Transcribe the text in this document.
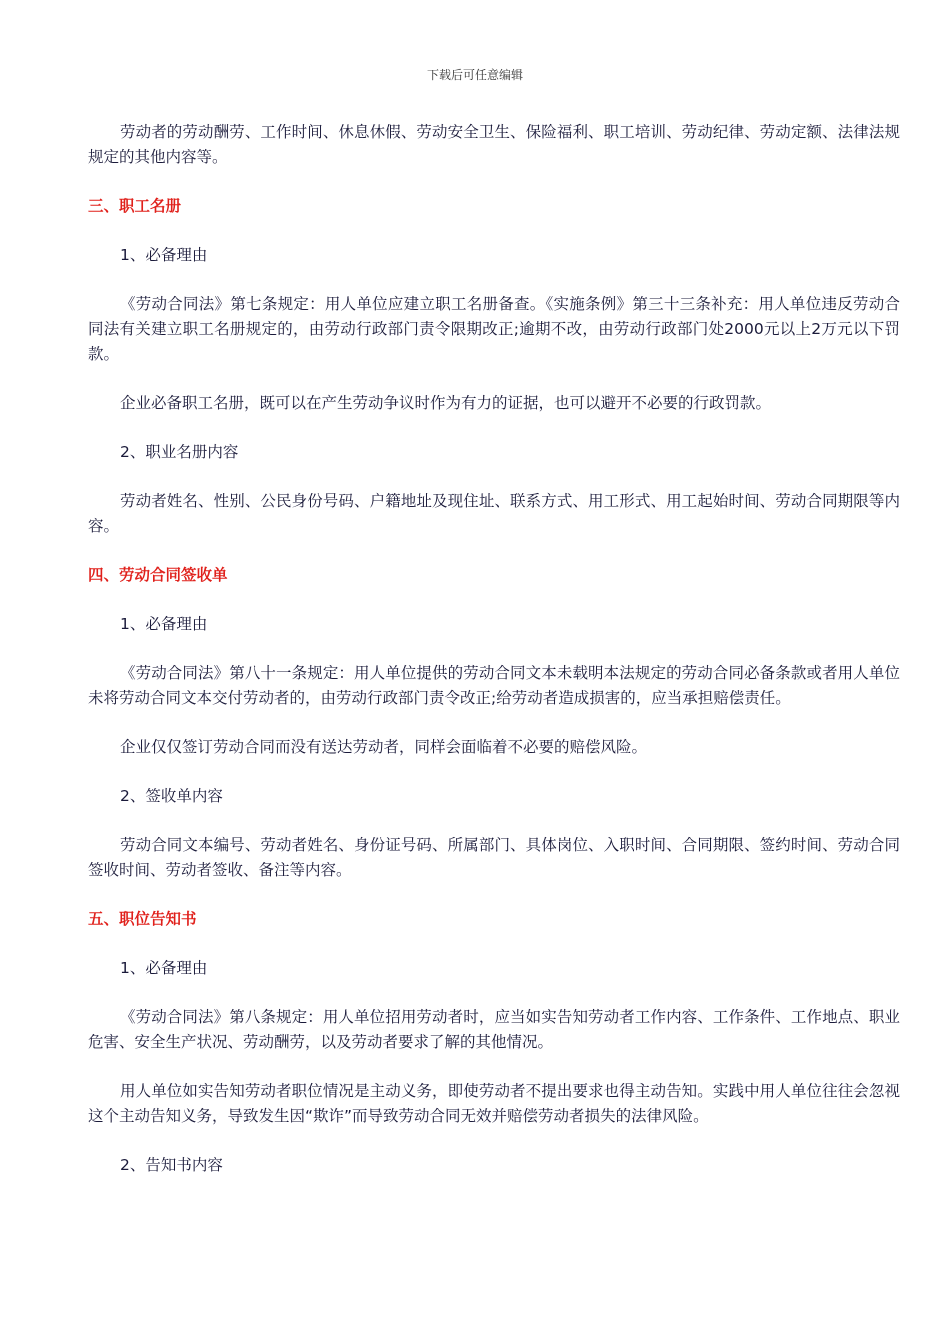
下载后可任意编辑

劳动者的劳动酬劳、工作时间、休息休假、劳动安全卫生、保险福利、职工培训、劳动纪律、劳动定额、法律法规规定的其他内容等。

三、职工名册

1、必备理由

《劳动合同法》第七条规定：用人单位应建立职工名册备查。《实施条例》第三十三条补充：用人单位违反劳动合同法有关建立职工名册规定的，由劳动行政部门责令限期改正;逾期不改，由劳动行政部门处2000元以上2万元以下罚款。

企业必备职工名册，既可以在产生劳动争议时作为有力的证据，也可以避开不必要的行政罚款。

2、职业名册内容

劳动者姓名、性别、公民身份号码、户籍地址及现住址、联系方式、用工形式、用工起始时间、劳动合同期限等内容。

四、劳动合同签收单

1、必备理由

《劳动合同法》第八十一条规定：用人单位提供的劳动合同文本未载明本法规定的劳动合同必备条款或者用人单位未将劳动合同文本交付劳动者的，由劳动行政部门责令改正;给劳动者造成损害的，应当承担赔偿责任。

企业仅仅签订劳动合同而没有送达劳动者，同样会面临着不必要的赔偿风险。

2、签收单内容

劳动合同文本编号、劳动者姓名、身份证号码、所属部门、具体岗位、入职时间、合同期限、签约时间、劳动合同签收时间、劳动者签收、备注等内容。

五、职位告知书

1、必备理由

《劳动合同法》第八条规定：用人单位招用劳动者时，应当如实告知劳动者工作内容、工作条件、工作地点、职业危害、安全生产状况、劳动酬劳，以及劳动者要求了解的其他情况。

用人单位如实告知劳动者职位情况是主动义务，即使劳动者不提出要求也得主动告知。实践中用人单位往往会忽视这个主动告知义务，导致发生因“欺诈”而导致劳动合同无效并赔偿劳动者损失的法律风险。

2、告知书内容
